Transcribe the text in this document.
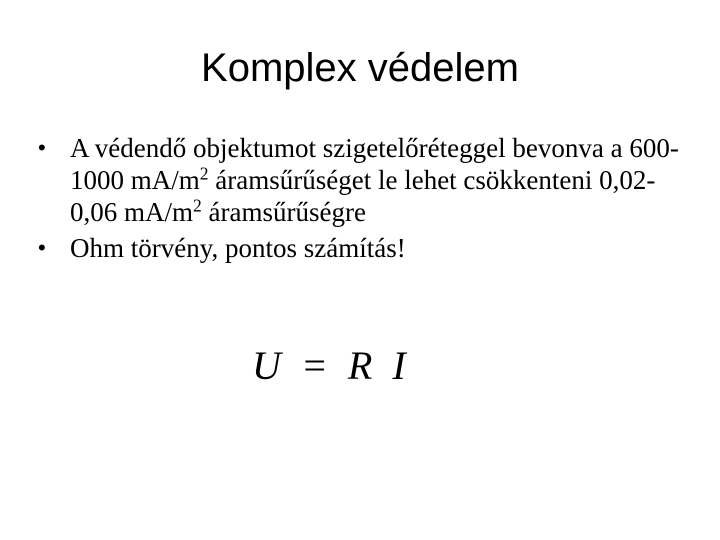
Komplex védelem
• A védendő objektumot szigetelőréteggel bevonva a 600-1000 $mA/m^2$ áramsűrűséget le lehet csökkenteni 0,02-0,06 $mA/m^2$ áramsűrűségre
• Ohm törvény, pontos számítás!
U = R I
